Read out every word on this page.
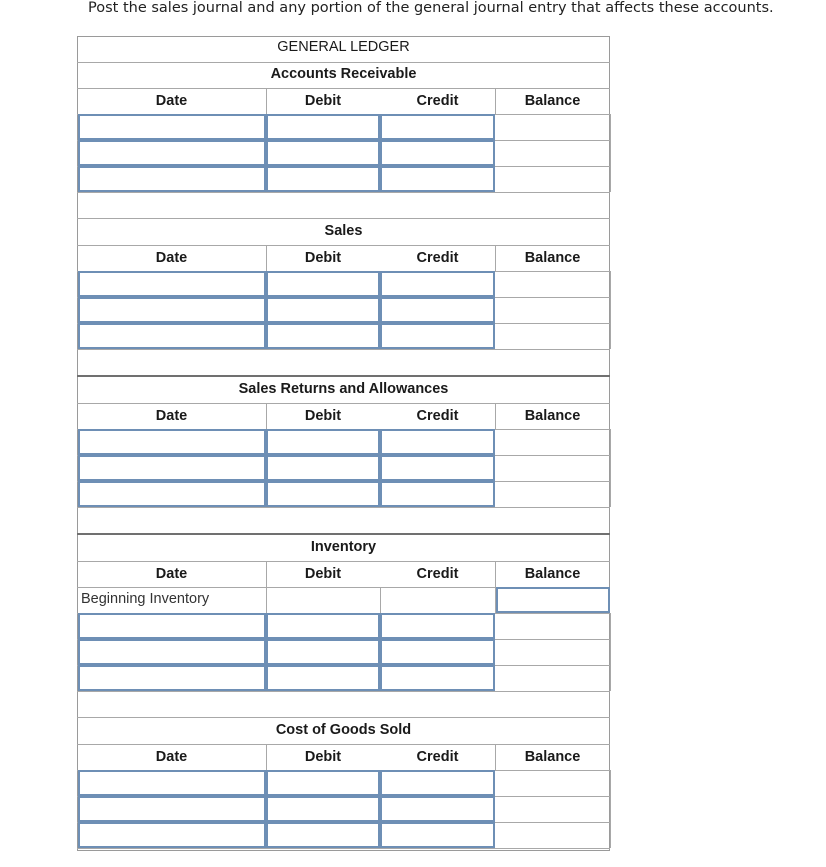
Post the sales journal and any portion of the general journal entry that affects these accounts.
GENERAL LEDGER
Accounts Receivable
Date	Debit	Credit	Balance
Sales
Date	Debit	Credit	Balance
Sales Returns and Allowances
Date	Debit	Credit	Balance
Inventory
Date	Debit	Credit	Balance
Beginning Inventory
Cost of Goods Sold
Date	Debit	Credit	Balance
